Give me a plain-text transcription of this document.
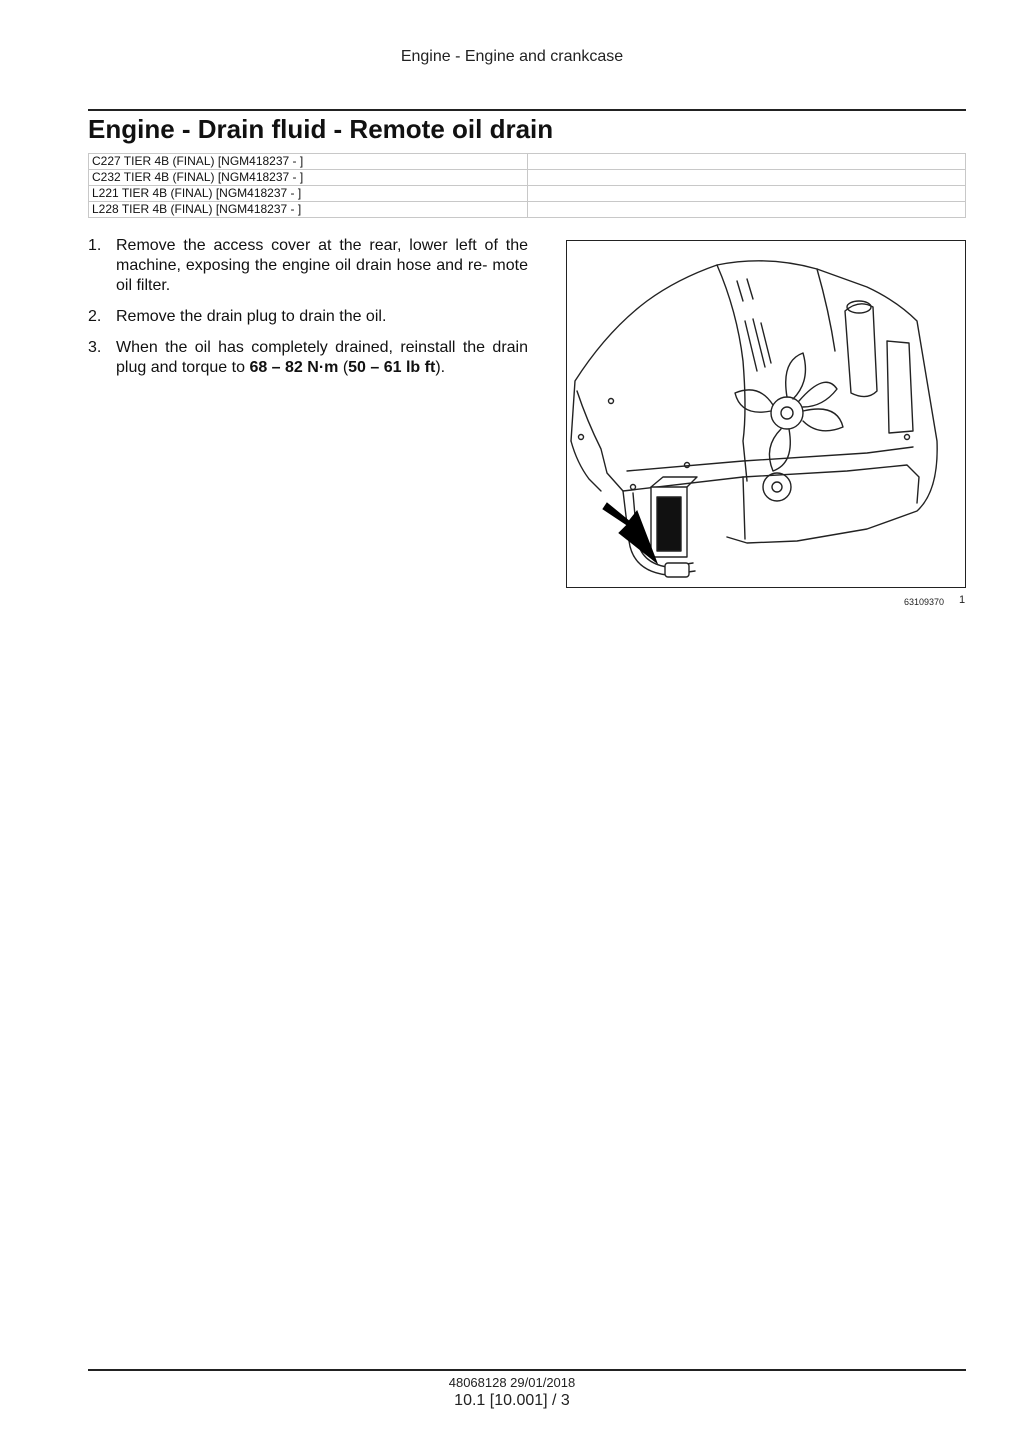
Engine - Engine and crankcase
Engine - Drain fluid - Remote oil drain
C227 TIER 4B (FINAL) [NGM418237 - ]	
C232 TIER 4B (FINAL) [NGM418237 - ]	
L221 TIER 4B (FINAL) [NGM418237 - ]	
L228 TIER 4B (FINAL) [NGM418237 - ]	
1. Remove the access cover at the rear, lower left of the machine, exposing the engine oil drain hose and re- mote oil filter.
2. Remove the drain plug to drain the oil.
3. When the oil has completely drained, reinstall the drain plug and torque to 68 – 82 N·m (50 – 61 lb ft).
63109370 1
48068128 29/01/2018
10.1 [10.001] / 3
